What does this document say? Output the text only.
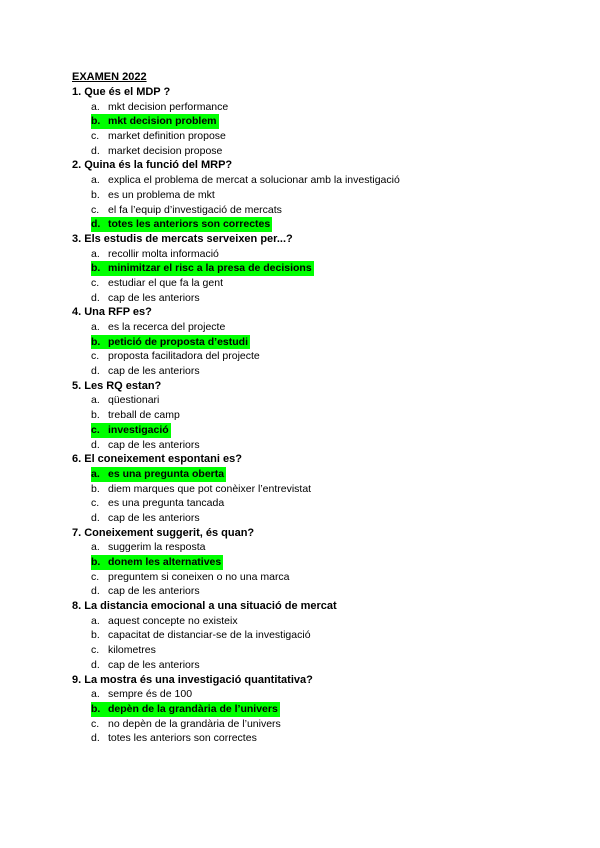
EXAMEN 2022
1. Que és el MDP ?
a. mkt decision performance
b. mkt decision problem
c. market definition propose
d. market decision propose
2. Quina és la funció del MRP?
a. explica el problema de mercat a solucionar amb la investigació
b. es un problema de mkt
c. el fa l’equip d’investigació de mercats
d. totes les anteriors son correctes
3. Els estudis de mercats serveixen per...?
a. recollir molta informació
b. minimitzar el risc a la presa de decisions
c. estudiar el que fa la gent
d. cap de les anteriors
4. Una RFP es?
a. es la recerca del projecte
b. petició de proposta d’estudi
c. proposta facilitadora del projecte
d. cap de les anteriors
5. Les RQ estan?
a. qüestionari
b. treball de camp
c. investigació
d. cap de les anteriors
6. El coneixement espontani es?
a. es una pregunta oberta
b. diem marques que pot conèixer l’entrevistat
c. es una pregunta tancada
d. cap de les anteriors
7. Coneixement suggerit, és quan?
a. suggerim la resposta
b. donem les alternatives
c. preguntem si coneixen o no una marca
d. cap de les anteriors
8. La distancia emocional a una situació de mercat
a. aquest concepte no existeix
b. capacitat de distanciar-se de la investigació
c. kilometres
d. cap de les anteriors
9. La mostra és una investigació quantitativa?
a. sempre és de 100
b. depèn de la grandària de l’univers
c. no depèn de la grandària de l’univers
d. totes les anteriors son correctes
